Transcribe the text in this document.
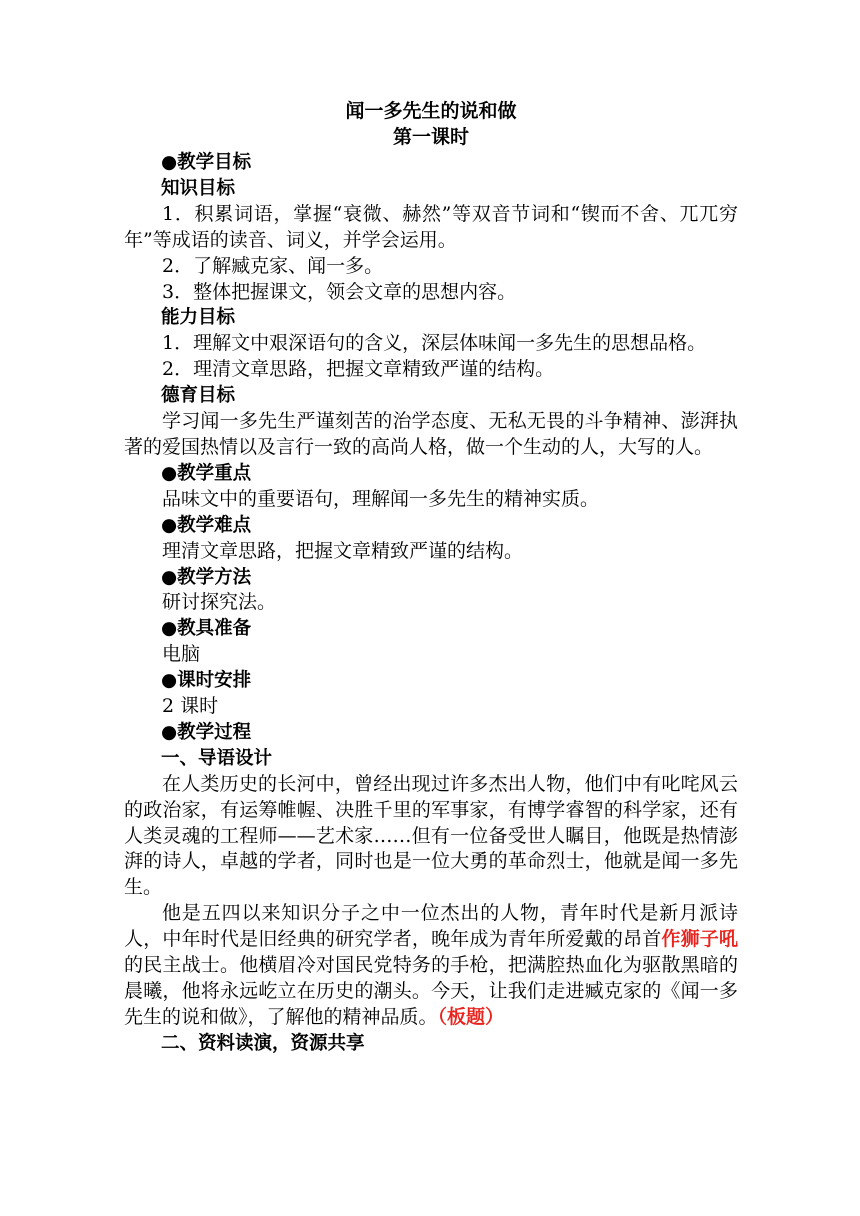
闻一多先生的说和做

第一课时

●教学目标

知识目标

1．积累词语，掌握“衰微、赫然”等双音节词和“锲而不舍、兀兀穷年”等成语的读音、词义，并学会运用。

2．了解臧克家、闻一多。

3．整体把握课文，领会文章的思想内容。

能力目标

1．理解文中艰深语句的含义，深层体味闻一多先生的思想品格。

2．理清文章思路，把握文章精致严谨的结构。

德育目标

学习闻一多先生严谨刻苦的治学态度、无私无畏的斗争精神、澎湃执著的爱国热情以及言行一致的高尚人格，做一个生动的人，大写的人。

●教学重点

品味文中的重要语句，理解闻一多先生的精神实质。

●教学难点

理清文章思路，把握文章精致严谨的结构。

●教学方法

研讨探究法。

●教具准备

电脑

●课时安排

2 课时

●教学过程

一、导语设计

在人类历史的长河中，曾经出现过许多杰出人物，他们中有叱咤风云的政治家，有运筹帷幄、决胜千里的军事家，有博学睿智的科学家，还有人类灵魂的工程师——艺术家……但有一位备受世人瞩目，他既是热情澎湃的诗人，卓越的学者，同时也是一位大勇的革命烈士，他就是闻一多先生。

他是五四以来知识分子之中一位杰出的人物，青年时代是新月派诗人，中年时代是旧经典的研究学者，晚年成为青年所爱戴的昂首作狮子吼的民主战士。他横眉冷对国民党特务的手枪，把满腔热血化为驱散黑暗的晨曦，他将永远屹立在历史的潮头。今天，让我们走进臧克家的《闻一多先生的说和做》，了解他的精神品质。（板题）

二、资料读演，资源共享
